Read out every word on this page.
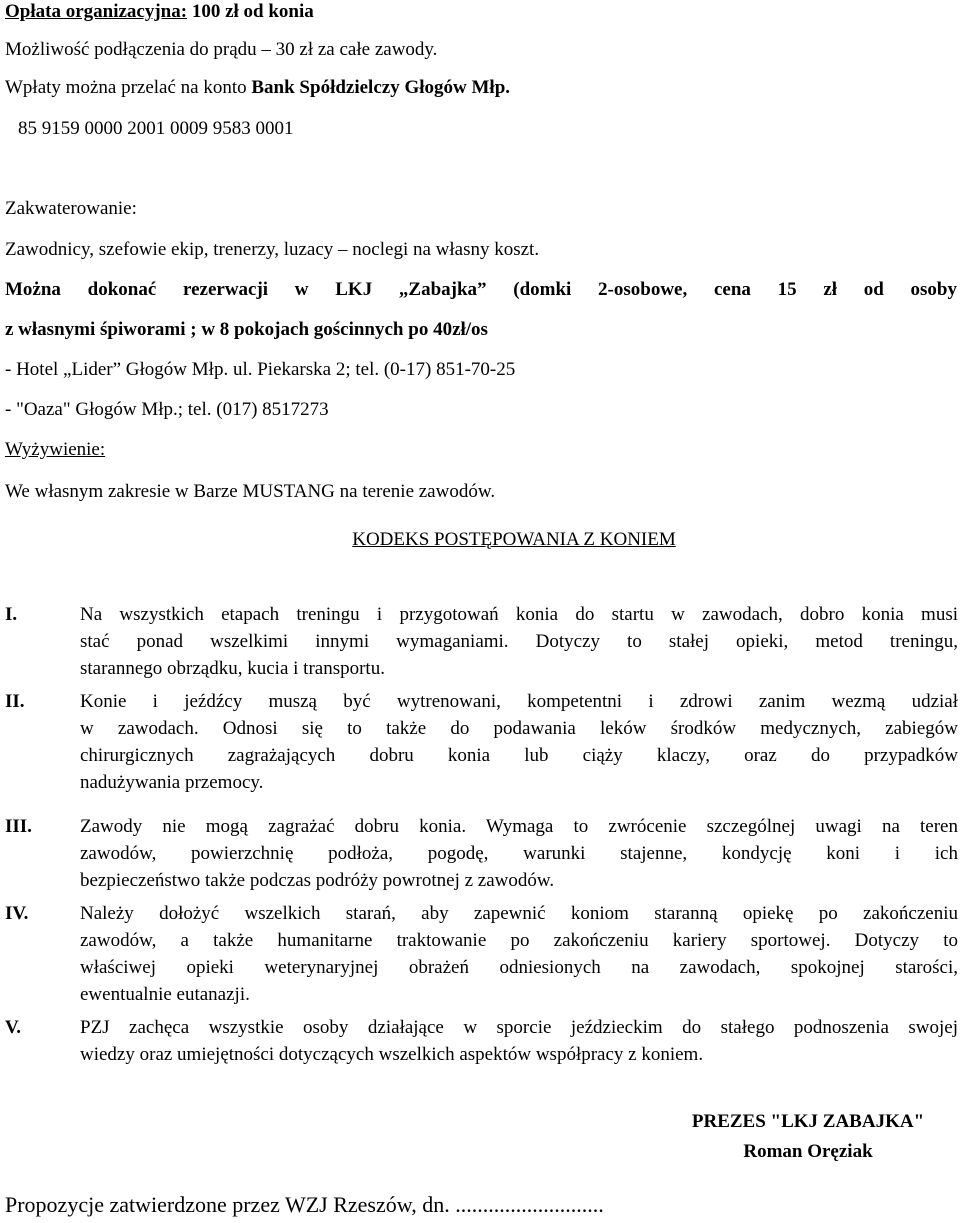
Opłata organizacyjna: 100 zł od konia
Możliwość podłączenia do prądu – 30 zł za całe zawody.
Wpłaty można przelać na konto Bank Spółdzielczy Głogów Młp.
85 9159 0000 2001 0009 9583 0001
Zakwaterowanie:
Zawodnicy, szefowie ekip, trenerzy, luzacy – noclegi na własny koszt.
Można dokonać rezerwacji w LKJ „Zabajka” (domki 2-osobowe, cena 15 zł od osoby
z własnymi śpiworami ; w 8 pokojach gościnnych po 40zł/os
- Hotel „Lider” Głogów Młp. ul. Piekarska 2; tel. (0-17) 851-70-25
- "Oaza" Głogów Młp.; tel. (017) 8517273
Wyżywienie:
We własnym zakresie w Barze MUSTANG na terenie zawodów.
KODEKS POSTĘPOWANIA Z KONIEM
I.	Na wszystkich etapach treningu i przygotowań konia do startu w zawodach, dobro konia musi
stać ponad wszelkimi innymi wymaganiami. Dotyczy to stałej opieki, metod treningu,
starannego obrządku, kucia i transportu.
II.	Konie i jeźdźcy muszą być wytrenowani, kompetentni i zdrowi zanim wezmą udział
w zawodach. Odnosi się to także do podawania leków środków medycznych, zabiegów
chirurgicznych zagrażających dobru konia lub ciąży klaczy, oraz do przypadków
nadużywania przemocy.
III.	Zawody nie mogą zagrażać dobru konia. Wymaga to zwrócenie szczególnej uwagi na teren
zawodów, powierzchnię podłoża, pogodę, warunki stajenne, kondycję koni i ich
bezpieczeństwo także podczas podróży powrotnej z zawodów.
IV.	Należy dołożyć wszelkich starań, aby zapewnić koniom staranną opiekę po zakończeniu
zawodów, a także humanitarne traktowanie po zakończeniu kariery sportowej. Dotyczy to
właściwej opieki weterynaryjnej obrażeń odniesionych na zawodach, spokojnej starości,
ewentualnie eutanazji.
V.	PZJ zachęca wszystkie osoby działające w sporcie jeździeckim do stałego podnoszenia swojej
wiedzy oraz umiejętności dotyczących wszelkich aspektów współpracy z koniem.
PREZES "LKJ ZABAJKA"
Roman Oręziak
Propozycje zatwierdzone przez WZJ Rzeszów, dn. ...........................
